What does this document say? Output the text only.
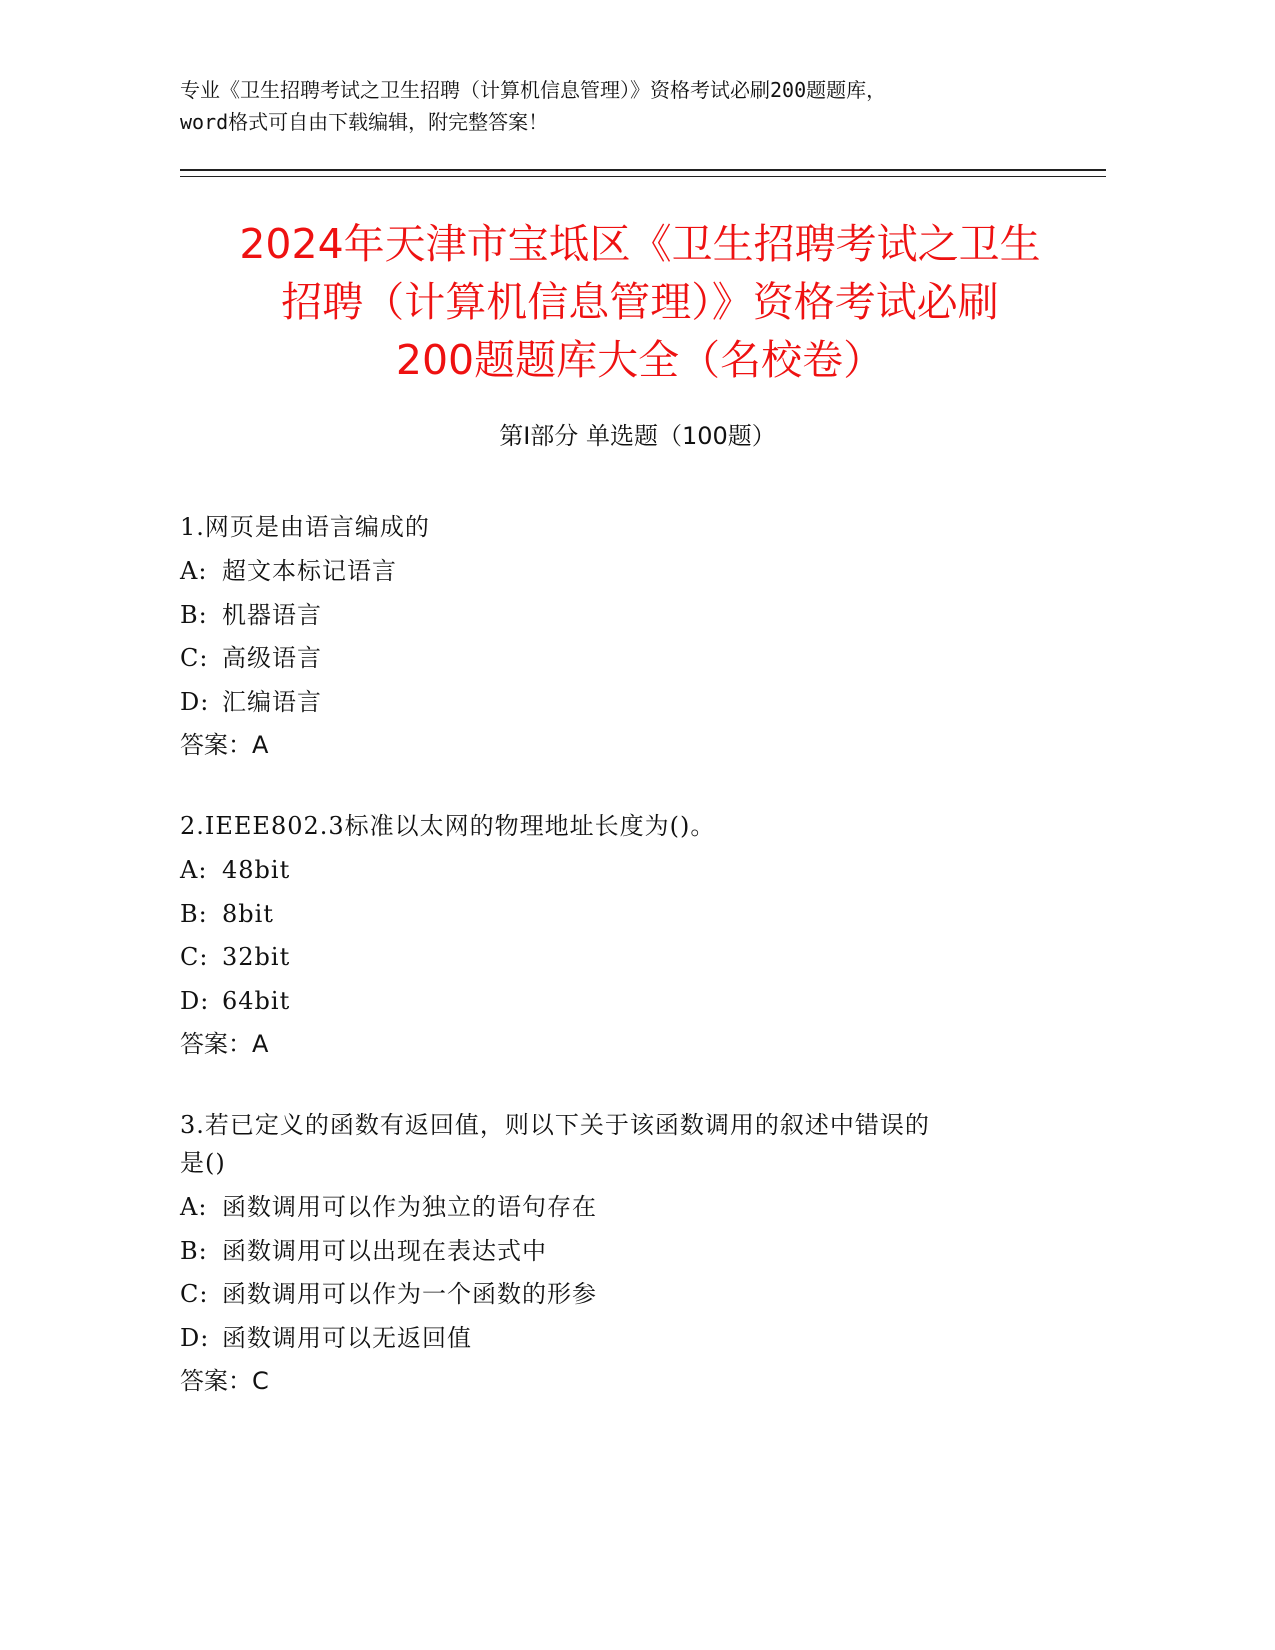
专业《卫生招聘考试之卫生招聘（计算机信息管理）》资格考试必刷200题题库，
word格式可自由下载编辑，附完整答案！
2024年天津市宝坻区《卫生招聘考试之卫生
招聘（计算机信息管理）》资格考试必刷
200题题库大全（名校卷）
第I部分 单选题（100题）
1.网页是由语言编成的
A: 超文本标记语言
B: 机器语言
C: 高级语言
D: 汇编语言
答案：A
2.IEEE802.3标准以太网的物理地址长度为()。
A: 48bit
B: 8bit
C: 32bit
D: 64bit
答案：A
3.若已定义的函数有返回值，则以下关于该函数调用的叙述中错误的
是()
A: 函数调用可以作为独立的语句存在
B: 函数调用可以出现在表达式中
C: 函数调用可以作为一个函数的形参
D: 函数调用可以无返回值
答案：C
